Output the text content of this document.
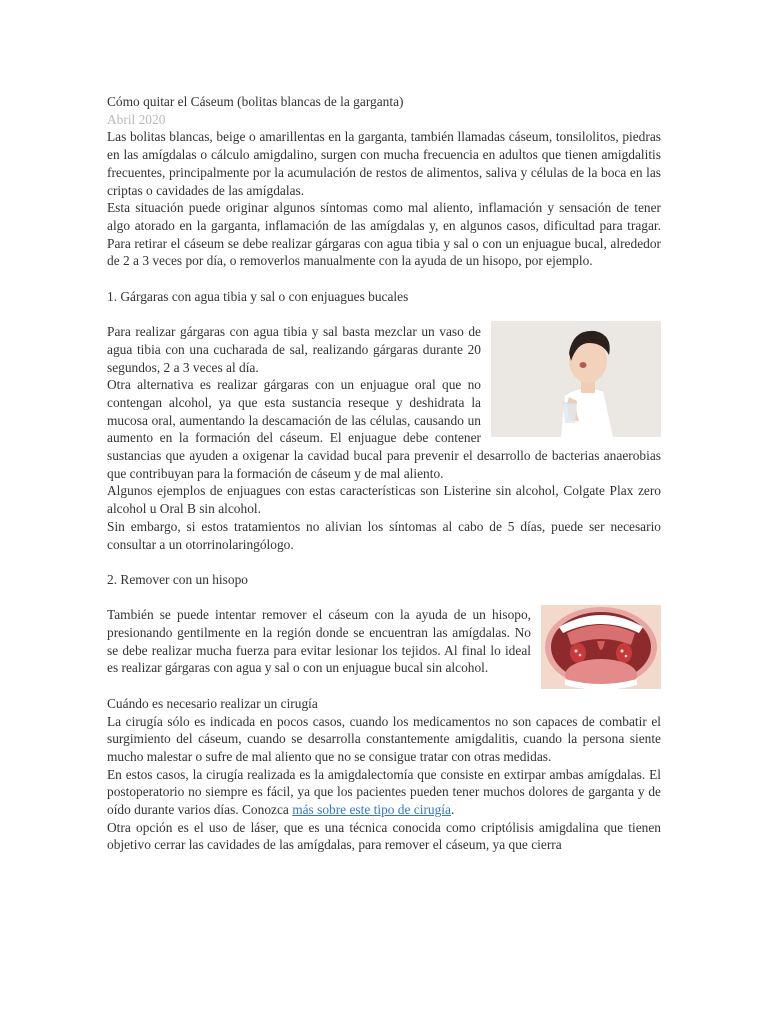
Cómo quitar el Cáseum (bolitas blancas de la garganta)

Abril 2020

Las bolitas blancas, beige o amarillentas en la garganta, también llamadas cáseum, tonsilolitos, piedras en las amígdalas o cálculo amigdalino, surgen con mucha frecuencia en adultos que tienen amigdalitis frecuentes, principalmente por la acumulación de restos de alimentos, saliva y células de la boca en las criptas o cavidades de las amígdalas.

Esta situación puede originar algunos síntomas como mal aliento, inflamación y sensación de tener algo atorado en la garganta, inflamación de las amígdalas y, en algunos casos, dificultad para tragar. Para retirar el cáseum se debe realizar gárgaras con agua tibia y sal o con un enjuague bucal, alrededor de 2 a 3 veces por día, o removerlos manualmente con la ayuda de un hisopo, por ejemplo.

1. Gárgaras con agua tibia y sal o con enjuagues bucales

Para realizar gárgaras con agua tibia y sal basta mezclar un vaso de agua tibia con una cucharada de sal, realizando gárgaras durante 20 segundos, 2 a 3 veces al día.

Otra alternativa es realizar gárgaras con un enjuague oral que no contengan alcohol, ya que esta sustancia reseque y deshidrata la mucosa oral, aumentando la descamación de las células, causando un aumento en la formación del cáseum. El enjuague debe contener sustancias que ayuden a oxigenar la cavidad bucal para prevenir el desarrollo de bacterias anaerobias que contribuyan para la formación de cáseum y de mal aliento.

Algunos ejemplos de enjuagues con estas características son Listerine sin alcohol, Colgate Plax zero alcohol u Oral B sin alcohol.

Sin embargo, si estos tratamientos no alivian los síntomas al cabo de 5 días, puede ser necesario consultar a un otorrinolaringólogo.

2. Remover con un hisopo

También se puede intentar remover el cáseum con la ayuda de un hisopo, presionando gentilmente en la región donde se encuentran las amígdalas. No se debe realizar mucha fuerza para evitar lesionar los tejidos. Al final lo ideal es realizar gárgaras con agua y sal o con un enjuague bucal sin alcohol.

Cuándo es necesario realizar un cirugía

La cirugía sólo es indicada en pocos casos, cuando los medicamentos no son capaces de combatir el surgimiento del cáseum, cuando se desarrolla constantemente amigdalitis, cuando la persona siente mucho malestar o sufre de mal aliento que no se consigue tratar con otras medidas.

En estos casos, la cirugía realizada es la amigdalectomía que consiste en extirpar ambas amígdalas. El postoperatorio no siempre es fácil, ya que los pacientes pueden tener muchos dolores de garganta y de oído durante varios días. Conozca más sobre este tipo de cirugía.

Otra opción es el uso de láser, que es una técnica conocida como criptólisis amigdalina que tienen objetivo cerrar las cavidades de las amígdalas, para remover el cáseum, ya que cierra
